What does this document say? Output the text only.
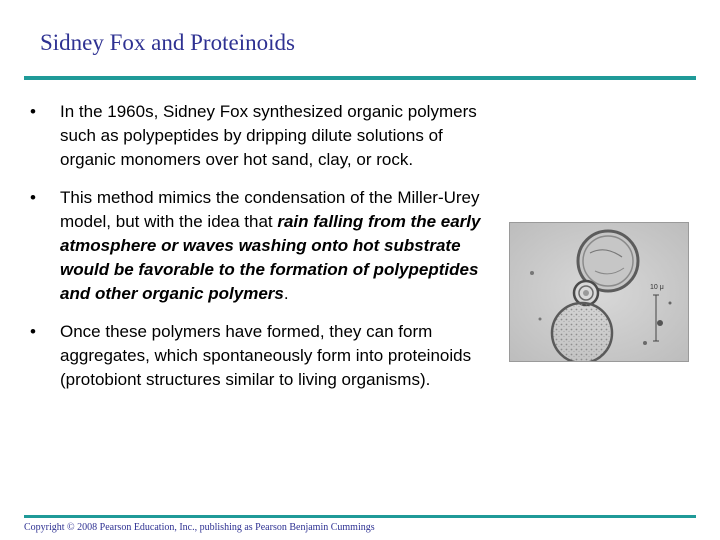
Sidney Fox and Proteinoids
• In the 1960s, Sidney Fox synthesized organic polymers such as polypeptides by dripping dilute solutions of organic monomers over hot sand, clay, or rock.
• This method mimics the condensation of the Miller-Urey model, but with the idea that rain falling from the early atmosphere or waves washing onto hot substrate would be favorable to the formation of polypeptides and other organic polymers.
• Once these polymers have formed, they can form aggregates, which spontaneously form into proteinoids (protobiont structures similar to living organisms).
10 μ
Copyright © 2008 Pearson Education, Inc., publishing as Pearson Benjamin Cummings
